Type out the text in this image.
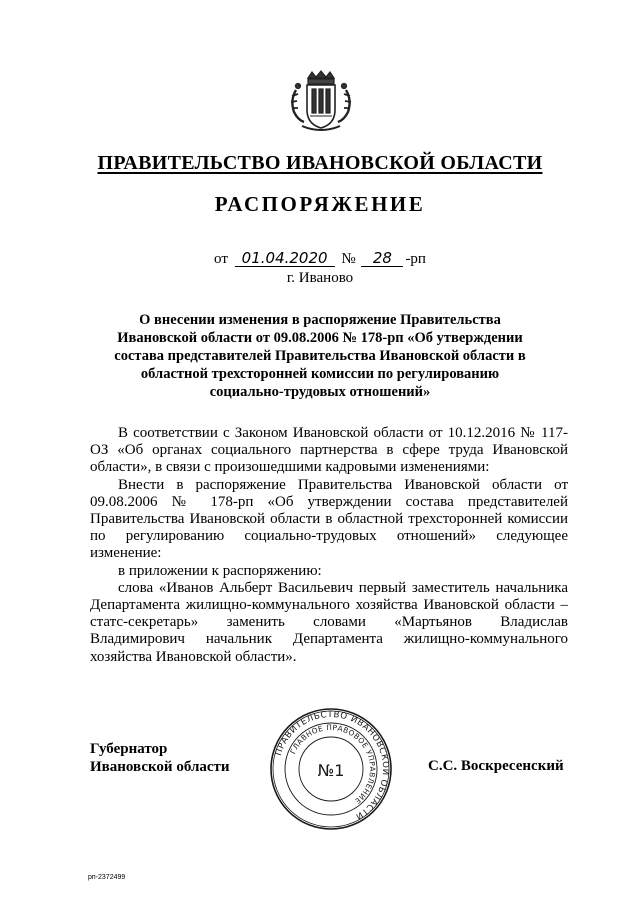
ПРАВИТЕЛЬСТВО ИВАНОВСКОЙ ОБЛАСТИ
РАСПОРЯЖЕНИЕ
от 01.04.2020 № 28 -рп
г. Иваново
О внесении изменения в распоряжение Правительства Ивановской области от 09.08.2006 № 178-рп «Об утверждении состава представителей Правительства Ивановской области в областной трехсторонней комиссии по регулированию социально-трудовых отношений»

В соответствии с Законом Ивановской области от 10.12.2016 № 117-ОЗ «Об органах социального партнерства в сфере труда Ивановской области», в связи с произошедшими кадровыми изменениями:

Внести в распоряжение Правительства Ивановской области от 09.08.2006 № 178-рп «Об утверждении состава представителей Правительства Ивановской области в областной трехсторонней комиссии по регулированию социально-трудовых отношений» следующее изменение:

в приложении к распоряжению:

слова «Иванов Альберт Васильевич первый заместитель начальника Департамента жилищно-коммунального хозяйства Ивановской области – статс-секретарь» заменить словами «Мартьянов Владислав Владимирович начальник Департамента жилищно-коммунального хозяйства Ивановской области».

Губернатор
Ивановской области
ПРАВИТЕЛЬСТВО ИВАНОВСКОЙ ОБЛАСТИ
ГЛАВНОЕ ПРАВОВОЕ УПРАВЛЕНИЕ
№1	С.С. Воскресенский
рп-2372499
